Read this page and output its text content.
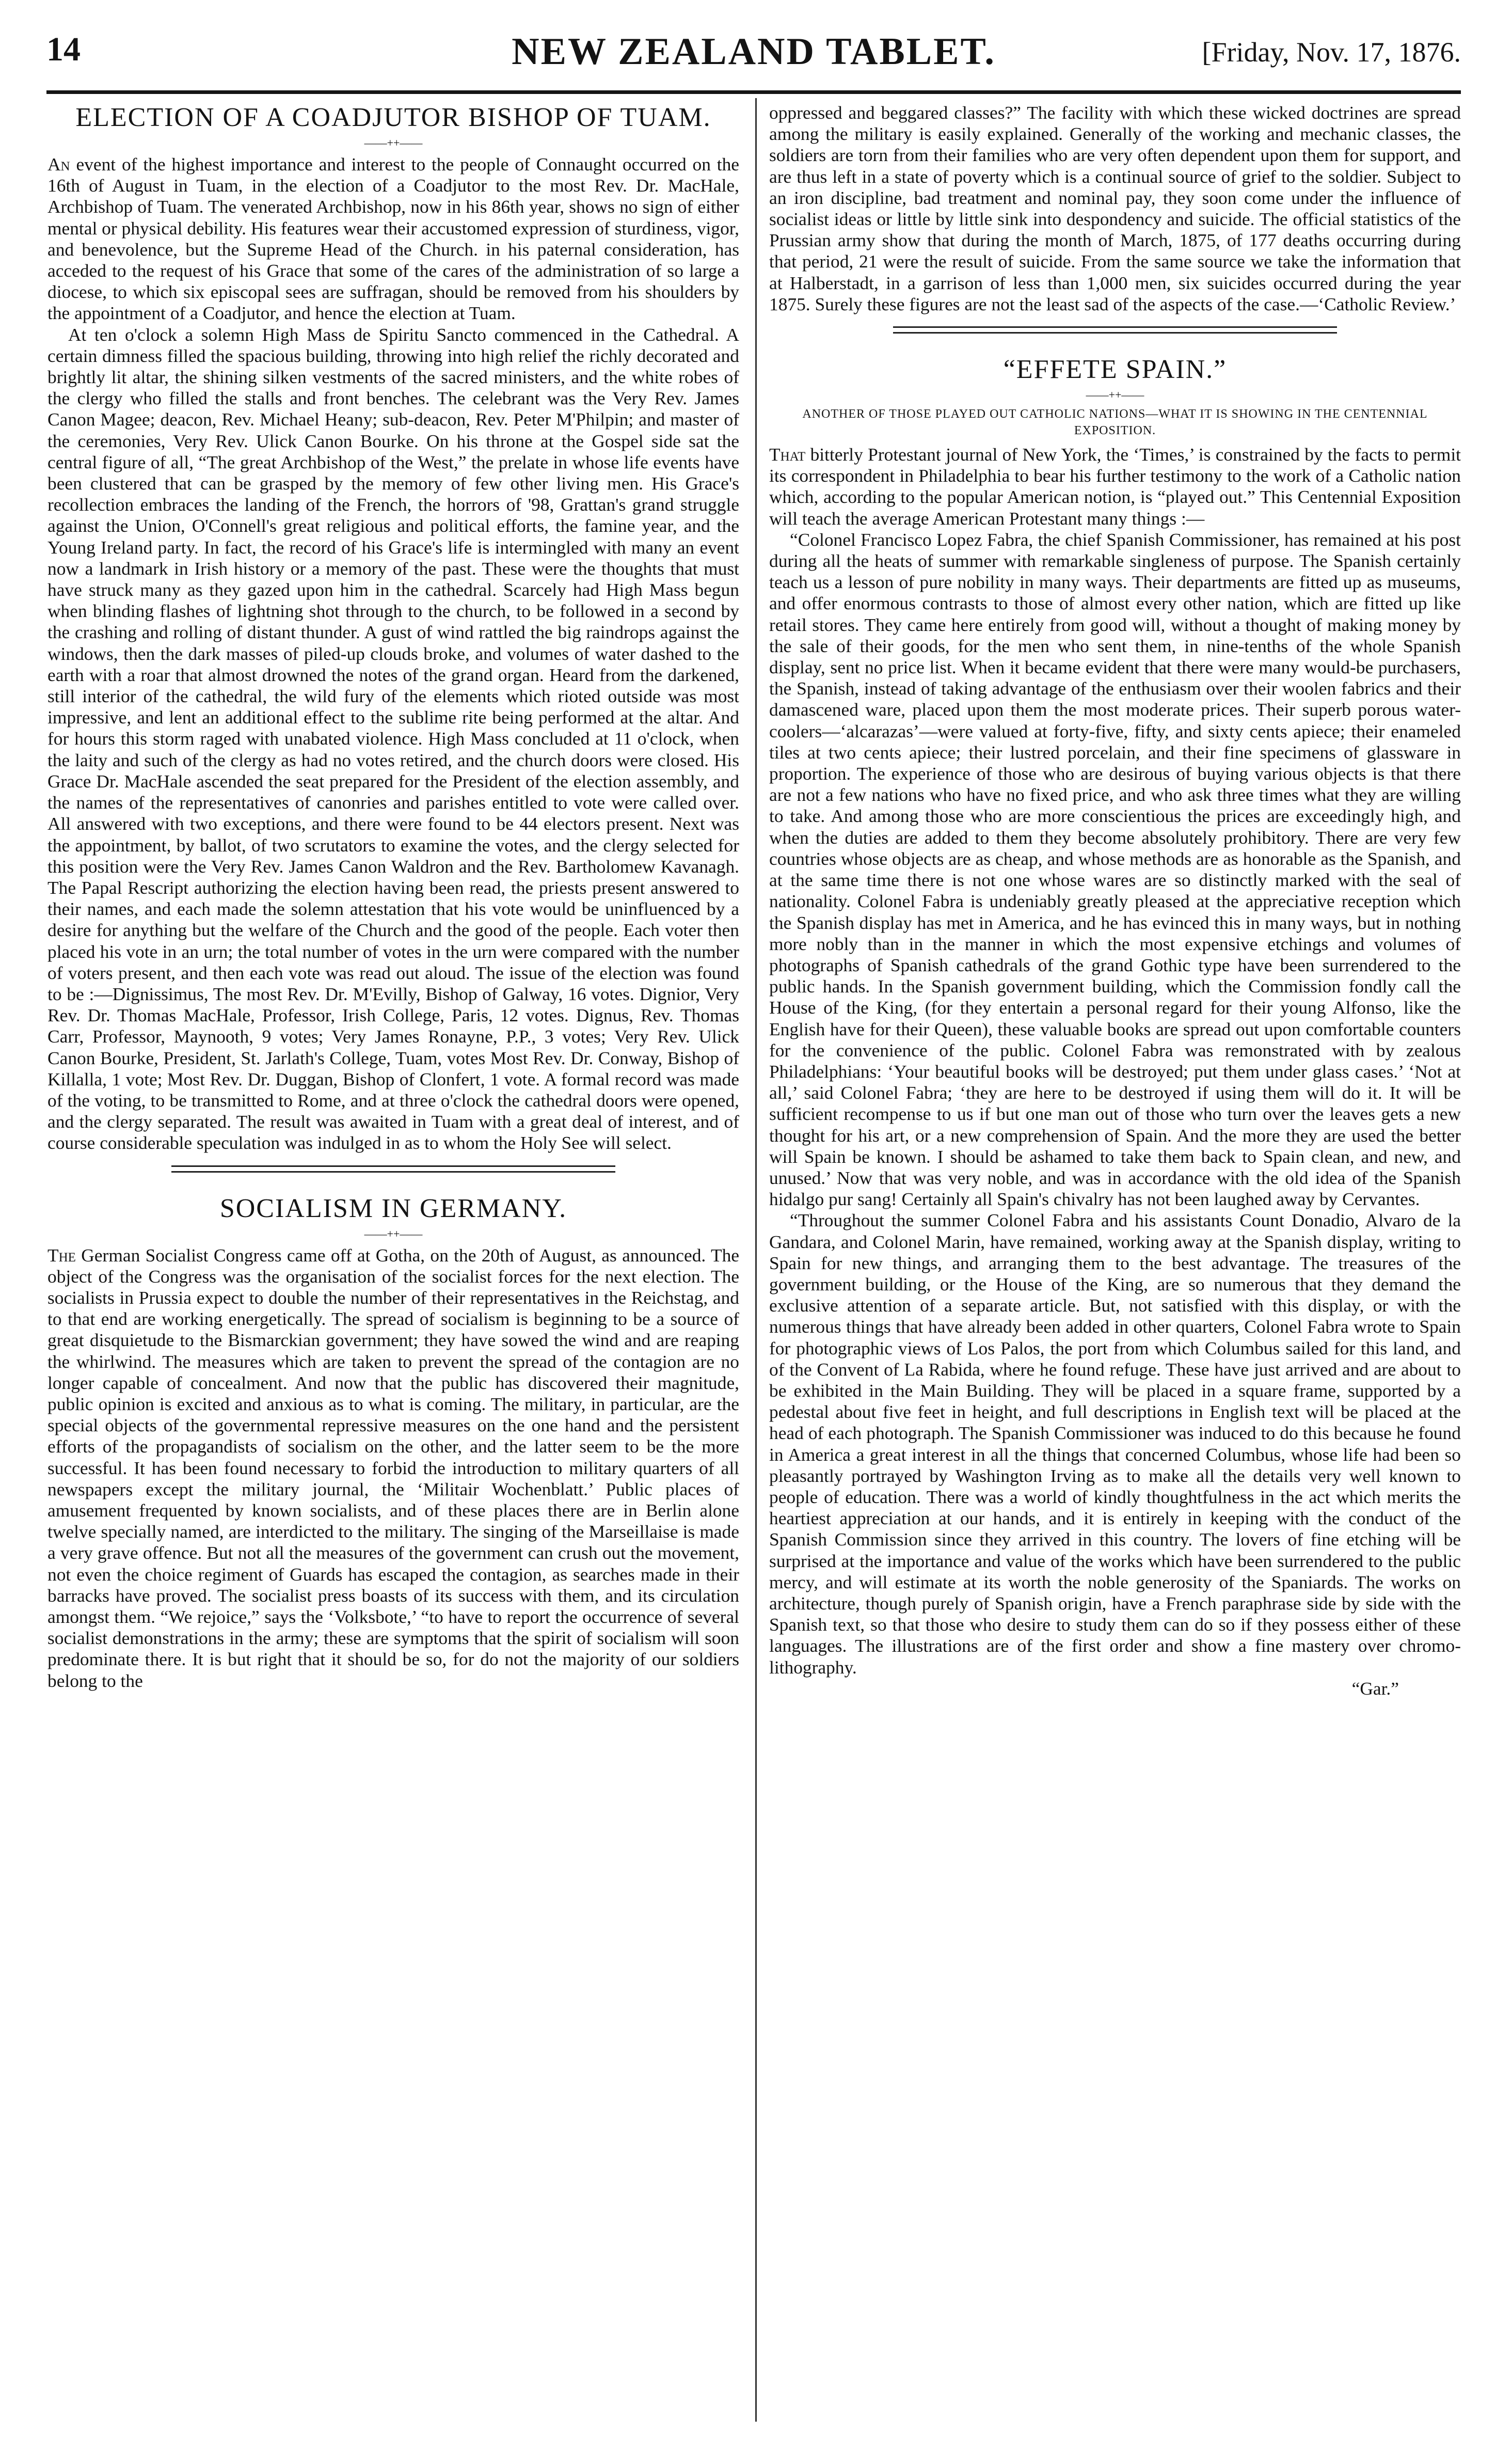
14	NEW ZEALAND TABLET.	[Friday, Nov. 17, 1876.
ELECTION OF A COADJUTOR BISHOP OF TUAM.
——++——

An event of the highest importance and interest to the people of Connaught occurred on the 16th of August in Tuam, in the election of a Coadjutor to the most Rev. Dr. MacHale, Archbishop of Tuam. The venerated Archbishop, now in his 86th year, shows no sign of either mental or physical debility. His features wear their accustomed expression of sturdiness, vigor, and benevolence, but the Supreme Head of the Church. in his paternal consideration, has acceded to the request of his Grace that some of the cares of the administration of so large a diocese, to which six episcopal sees are suffragan, should be removed from his shoulders by the appointment of a Coadjutor, and hence the election at Tuam.

At ten o'clock a solemn High Mass de Spiritu Sancto commenced in the Cathedral. A certain dimness filled the spacious building, throwing into high relief the richly decorated and brightly lit altar, the shining silken vestments of the sacred ministers, and the white robes of the clergy who filled the stalls and front benches. The celebrant was the Very Rev. James Canon Magee; deacon, Rev. Michael Heany; sub-deacon, Rev. Peter M'Philpin; and master of the ceremonies, Very Rev. Ulick Canon Bourke. On his throne at the Gospel side sat the central figure of all, “The great Archbishop of the West,” the prelate in whose life events have been clustered that can be grasped by the memory of few other living men. His Grace's recollection embraces the landing of the French, the horrors of '98, Grattan's grand struggle against the Union, O'Connell's great religious and political efforts, the famine year, and the Young Ireland party. In fact, the record of his Grace's life is intermingled with many an event now a landmark in Irish history or a memory of the past. These were the thoughts that must have struck many as they gazed upon him in the cathedral. Scarcely had High Mass begun when blinding flashes of lightning shot through to the church, to be followed in a second by the crashing and rolling of distant thunder. A gust of wind rattled the big raindrops against the windows, then the dark masses of piled-up clouds broke, and volumes of water dashed to the earth with a roar that almost drowned the notes of the grand organ. Heard from the darkened, still interior of the cathedral, the wild fury of the elements which rioted outside was most impressive, and lent an additional effect to the sublime rite being performed at the altar. And for hours this storm raged with unabated violence. High Mass concluded at 11 o'clock, when the laity and such of the clergy as had no votes retired, and the church doors were closed. His Grace Dr. MacHale ascended the seat prepared for the President of the election assembly, and the names of the representatives of canonries and parishes entitled to vote were called over. All answered with two exceptions, and there were found to be 44 electors present. Next was the appointment, by ballot, of two scrutators to examine the votes, and the clergy selected for this position were the Very Rev. James Canon Waldron and the Rev. Bartholomew Kavanagh. The Papal Rescript authorizing the election having been read, the priests present answered to their names, and each made the solemn attestation that his vote would be uninfluenced by a desire for anything but the welfare of the Church and the good of the people. Each voter then placed his vote in an urn; the total number of votes in the urn were compared with the number of voters present, and then each vote was read out aloud. The issue of the election was found to be :—Dignissimus, The most Rev. Dr. M'Evilly, Bishop of Galway, 16 votes. Dignior, Very Rev. Dr. Thomas MacHale, Professor, Irish College, Paris, 12 votes. Dignus, Rev. Thomas Carr, Professor, Maynooth, 9 votes; Very James Ronayne, P.P., 3 votes; Very Rev. Ulick Canon Bourke, President, St. Jarlath's College, Tuam, votes Most Rev. Dr. Conway, Bishop of Killalla, 1 vote; Most Rev. Dr. Duggan, Bishop of Clonfert, 1 vote. A formal record was made of the voting, to be transmitted to Rome, and at three o'clock the cathedral doors were opened, and the clergy separated. The result was awaited in Tuam with a great deal of interest, and of course considerable speculation was indulged in as to whom the Holy See will select.

SOCIALISM IN GERMANY.
——++——

The German Socialist Congress came off at Gotha, on the 20th of August, as announced. The object of the Congress was the organisation of the socialist forces for the next election. The socialists in Prussia expect to double the number of their representatives in the Reichstag, and to that end are working energetically. The spread of socialism is beginning to be a source of great disquietude to the Bismarckian government; they have sowed the wind and are reaping the whirlwind. The measures which are taken to prevent the spread of the contagion are no longer capable of concealment. And now that the public has discovered their magnitude, public opinion is excited and anxious as to what is coming. The military, in particular, are the special objects of the governmental repressive measures on the one hand and the persistent efforts of the propagandists of socialism on the other, and the latter seem to be the more successful. It has been found necessary to forbid the introduction to military quarters of all newspapers except the military journal, the ‘Militair Wochenblatt.’ Public places of amusement frequented by known socialists, and of these places there are in Berlin alone twelve specially named, are interdicted to the military. The singing of the Marseillaise is made a very grave offence. But not all the measures of the government can crush out the movement, not even the choice regiment of Guards has escaped the contagion, as searches made in their barracks have proved. The socialist press boasts of its success with them, and its circulation amongst them. “We rejoice,” says the ‘Volksbote,’ “to have to report the occurrence of several socialist demonstrations in the army; these are symptoms that the spirit of socialism will soon predominate there. It is but right that it should be so, for do not the majority of our soldiers belong to the

oppressed and beggared classes?” The facility with which these wicked doctrines are spread among the military is easily explained. Generally of the working and mechanic classes, the soldiers are torn from their families who are very often dependent upon them for support, and are thus left in a state of poverty which is a continual source of grief to the soldier. Subject to an iron discipline, bad treatment and nominal pay, they soon come under the influence of socialist ideas or little by little sink into despondency and suicide. The official statistics of the Prussian army show that during the month of March, 1875, of 177 deaths occurring during that period, 21 were the result of suicide. From the same source we take the information that at Halberstadt, in a garrison of less than 1,000 men, six suicides occurred during the year 1875. Surely these figures are not the least sad of the aspects of the case.—‘Catholic Review.’

“EFFETE SPAIN.”
——++——
ANOTHER OF THOSE PLAYED OUT CATHOLIC NATIONS—WHAT IT IS SHOWING IN THE CENTENNIAL EXPOSITION.

That bitterly Protestant journal of New York, the ‘Times,’ is constrained by the facts to permit its correspondent in Philadelphia to bear his further testimony to the work of a Catholic nation which, according to the popular American notion, is “played out.” This Centennial Exposition will teach the average American Protestant many things :—

“Colonel Francisco Lopez Fabra, the chief Spanish Commissioner, has remained at his post during all the heats of summer with remarkable singleness of purpose. The Spanish certainly teach us a lesson of pure nobility in many ways. Their departments are fitted up as museums, and offer enormous contrasts to those of almost every other nation, which are fitted up like retail stores. They came here entirely from good will, without a thought of making money by the sale of their goods, for the men who sent them, in nine-tenths of the whole Spanish display, sent no price list. When it became evident that there were many would-be purchasers, the Spanish, instead of taking advantage of the enthusiasm over their woolen fabrics and their damascened ware, placed upon them the most moderate prices. Their superb porous water-coolers—‘alcarazas’—were valued at forty-five, fifty, and sixty cents apiece; their enameled tiles at two cents apiece; their lustred porcelain, and their fine specimens of glassware in proportion. The experience of those who are desirous of buying various objects is that there are not a few nations who have no fixed price, and who ask three times what they are willing to take. And among those who are more conscientious the prices are exceedingly high, and when the duties are added to them they become absolutely prohibitory. There are very few countries whose objects are as cheap, and whose methods are as honorable as the Spanish, and at the same time there is not one whose wares are so distinctly marked with the seal of nationality. Colonel Fabra is undeniably greatly pleased at the appreciative reception which the Spanish display has met in America, and he has evinced this in many ways, but in nothing more nobly than in the manner in which the most expensive etchings and volumes of photographs of Spanish cathedrals of the grand Gothic type have been surrendered to the public hands. In the Spanish government building, which the Commission fondly call the House of the King, (for they entertain a personal regard for their young Alfonso, like the English have for their Queen), these valuable books are spread out upon comfortable counters for the convenience of the public. Colonel Fabra was remonstrated with by zealous Philadelphians: ‘Your beautiful books will be destroyed; put them under glass cases.’ ‘Not at all,’ said Colonel Fabra; ‘they are here to be destroyed if using them will do it. It will be sufficient recompense to us if but one man out of those who turn over the leaves gets a new thought for his art, or a new comprehension of Spain. And the more they are used the better will Spain be known. I should be ashamed to take them back to Spain clean, and new, and unused.’ Now that was very noble, and was in accordance with the old idea of the Spanish hidalgo pur sang! Certainly all Spain's chivalry has not been laughed away by Cervantes.

“Throughout the summer Colonel Fabra and his assistants Count Donadio, Alvaro de la Gandara, and Colonel Marin, have remained, working away at the Spanish display, writing to Spain for new things, and arranging them to the best advantage. The treasures of the government building, or the House of the King, are so numerous that they demand the exclusive attention of a separate article. But, not satisfied with this display, or with the numerous things that have already been added in other quarters, Colonel Fabra wrote to Spain for photographic views of Los Palos, the port from which Columbus sailed for this land, and of the Convent of La Rabida, where he found refuge. These have just arrived and are about to be exhibited in the Main Building. They will be placed in a square frame, supported by a pedestal about five feet in height, and full descriptions in English text will be placed at the head of each photograph. The Spanish Commissioner was induced to do this because he found in America a great interest in all the things that concerned Columbus, whose life had been so pleasantly portrayed by Washington Irving as to make all the details very well known to people of education. There was a world of kindly thoughtfulness in the act which merits the heartiest appreciation at our hands, and it is entirely in keeping with the conduct of the Spanish Commission since they arrived in this country. The lovers of fine etching will be surprised at the importance and value of the works which have been surrendered to the public mercy, and will estimate at its worth the noble generosity of the Spaniards. The works on architecture, though purely of Spanish origin, have a French paraphrase side by side with the Spanish text, so that those who desire to study them can do so if they possess either of these languages. The illustrations are of the first order and show a fine mastery over chromo-lithography.

“Gar.”
